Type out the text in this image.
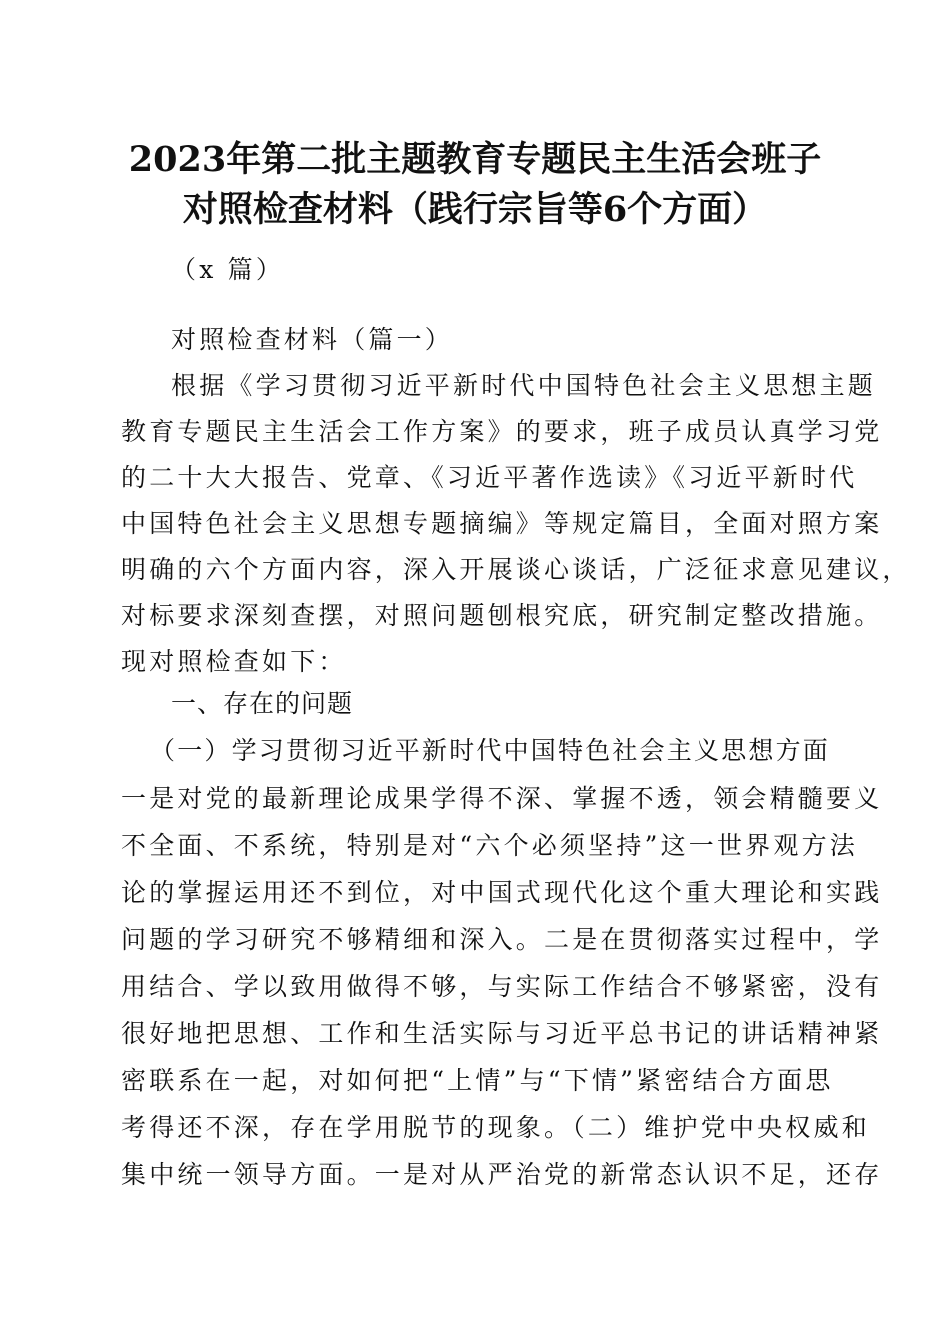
2023年第二批主题教育专题民主生活会班子
对照检查材料（践行宗旨等6个方面）
（x 篇）
对照检查材料（篇一）
根据《学习贯彻习近平新时代中国特色社会主义思想主题
教育专题民主生活会工作方案》的要求，班子成员认真学习党
的二十大大报告、党章、《习近平著作选读》《习近平新时代
中国特色社会主义思想专题摘编》等规定篇目，全面对照方案
明确的六个方面内容，深入开展谈心谈话，广泛征求意见建议，
对标要求深刻查摆，对照问题刨根究底，研究制定整改措施。
现对照检查如下：
一、存在的问题
（一）学习贯彻习近平新时代中国特色社会主义思想方面
一是对党的最新理论成果学得不深、掌握不透，领会精髓要义
不全面、不系统，特别是对“六个必须坚持”这一世界观方法
论的掌握运用还不到位，对中国式现代化这个重大理论和实践
问题的学习研究不够精细和深入。二是在贯彻落实过程中，学
用结合、学以致用做得不够，与实际工作结合不够紧密，没有
很好地把思想、工作和生活实际与习近平总书记的讲话精神紧
密联系在一起，对如何把“上情”与“下情”紧密结合方面思
考得还不深，存在学用脱节的现象。（二）维护党中央权威和
集中统一领导方面。一是对从严治党的新常态认识不足，还存
